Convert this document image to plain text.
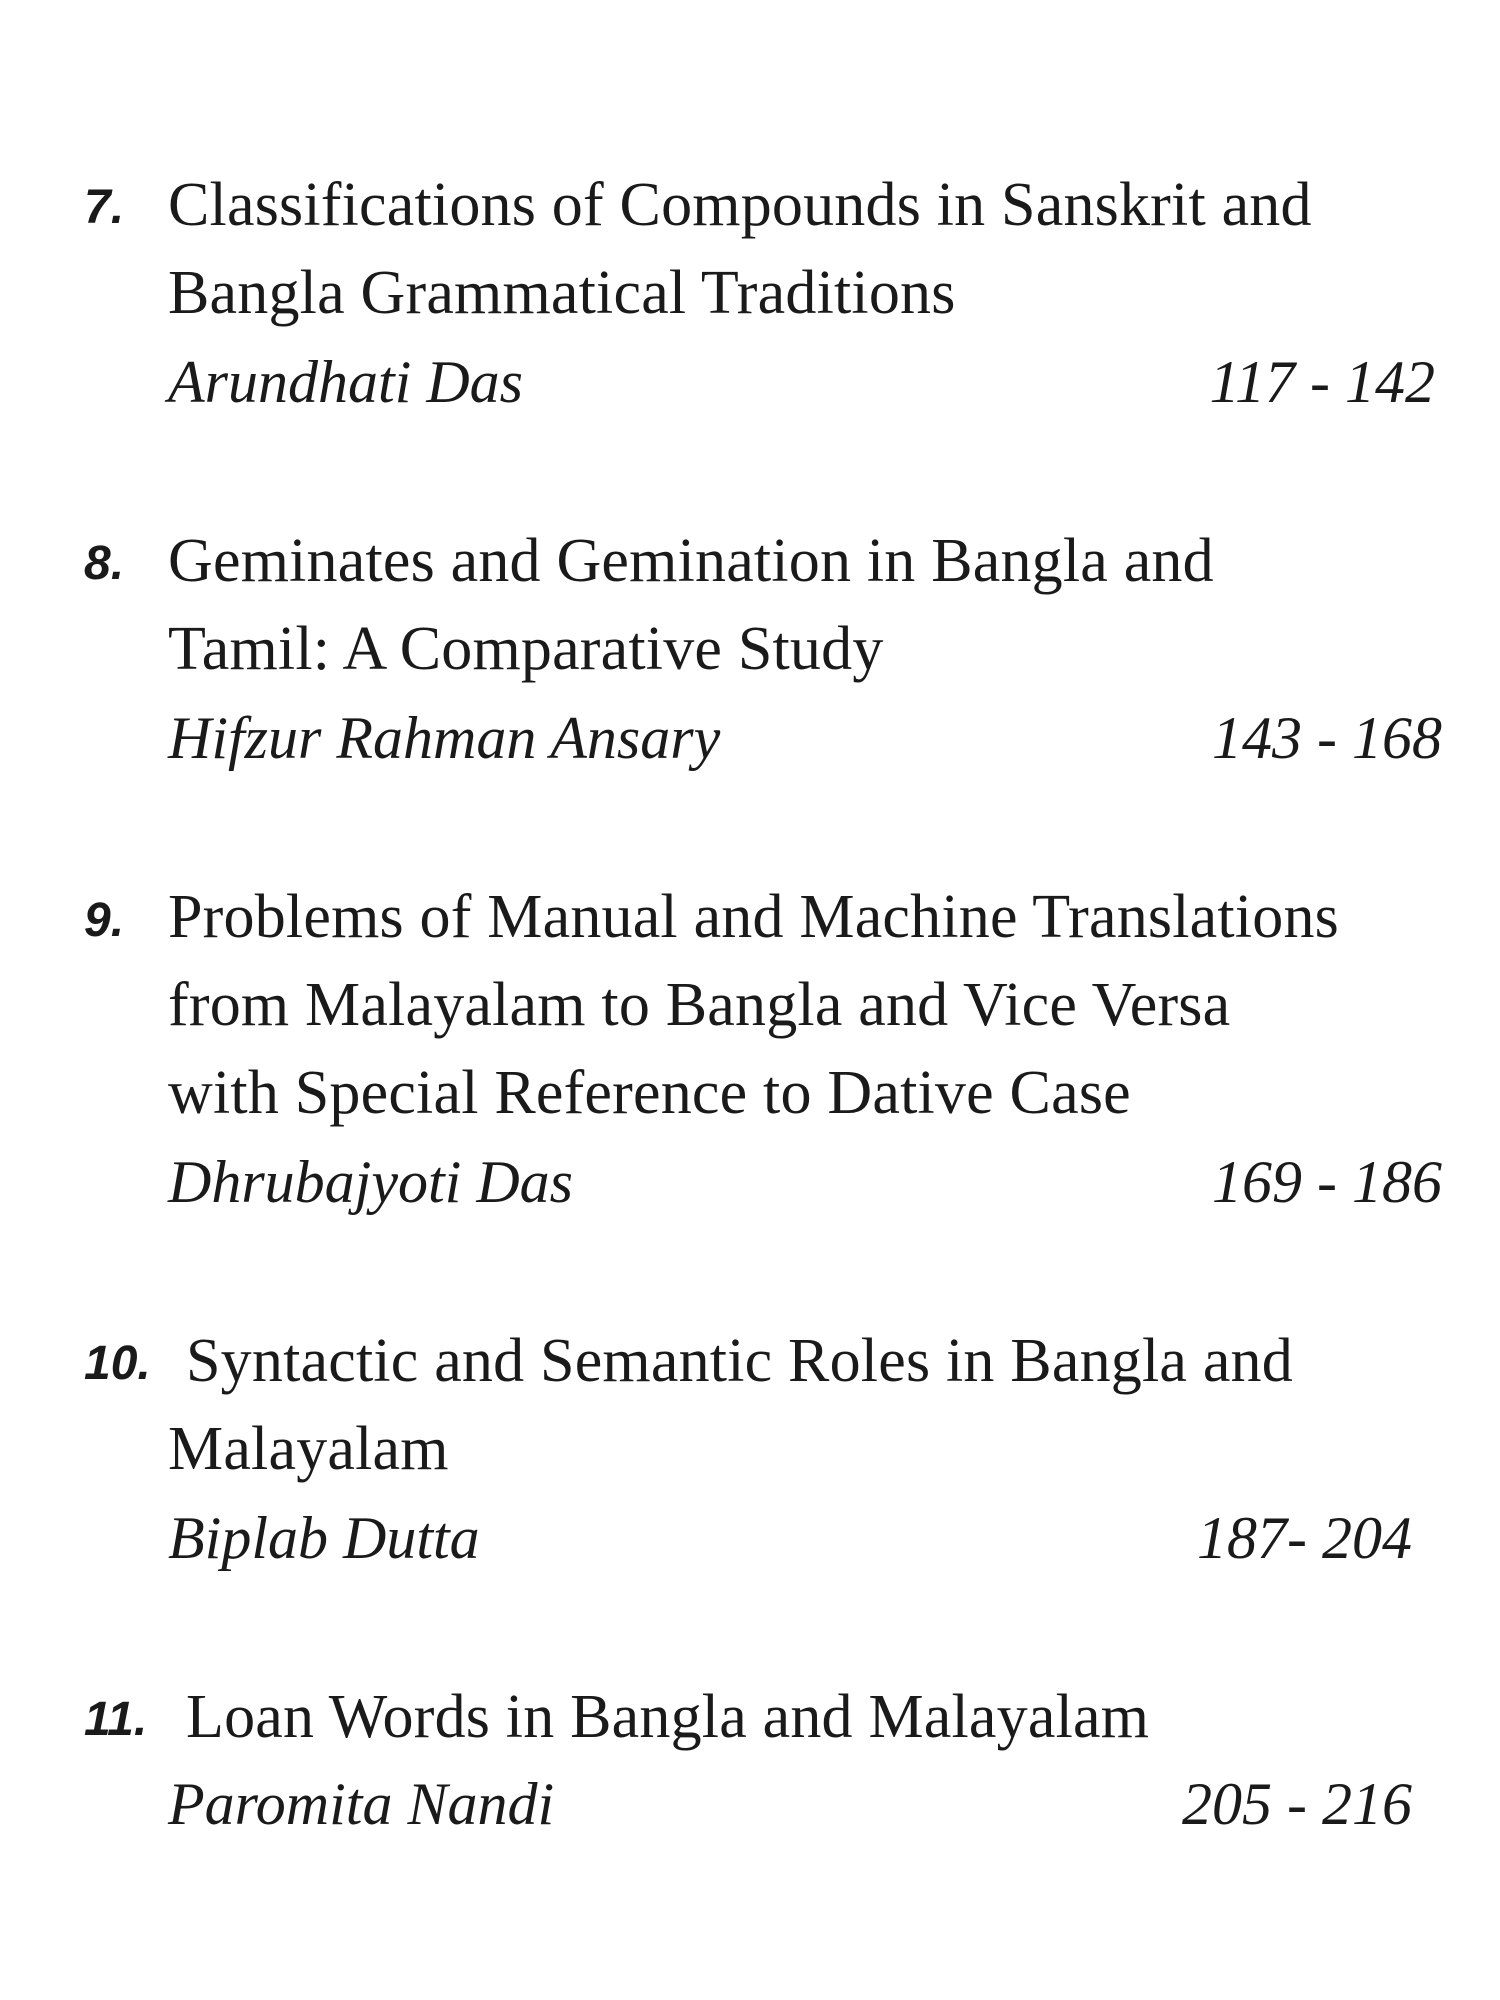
7. Classifications of Compounds in Sanskrit and
Bangla Grammatical Traditions
Arundhati Das	117 - 142
8. Geminates and Gemination in Bangla and
Tamil: A Comparative Study
Hifzur Rahman Ansary	143 - 168
9. Problems of Manual and Machine Translations
from Malayalam to Bangla and Vice Versa
with Special Reference to Dative Case
Dhrubajyoti Das	169 - 186
10. Syntactic and Semantic Roles in Bangla and
Malayalam
Biplab Dutta	187- 204
11. Loan Words in Bangla and Malayalam
Paromita Nandi	205 - 216
